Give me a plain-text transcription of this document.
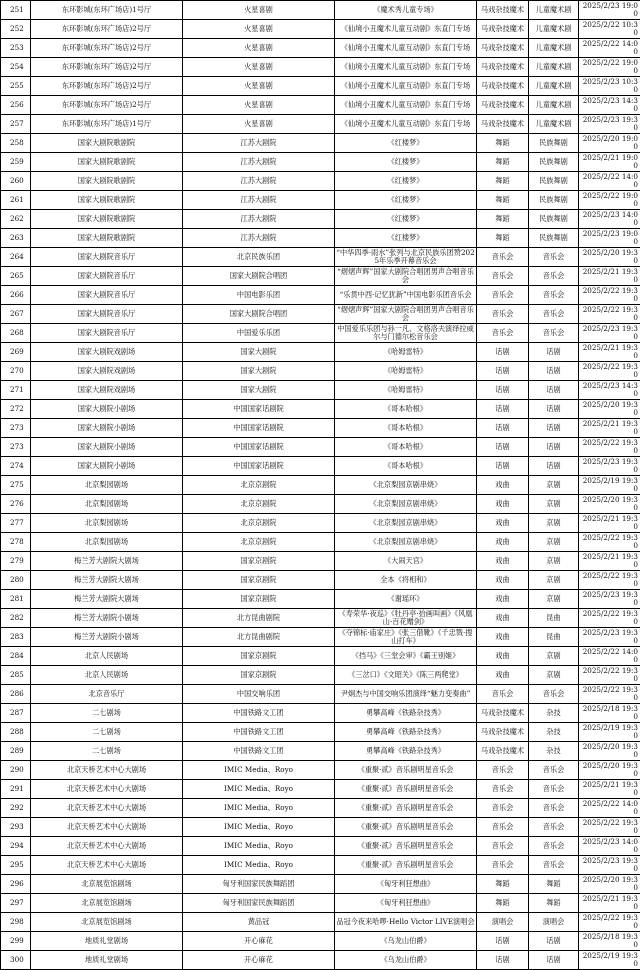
251	东环影城(东环广场店)1号厅	火星喜剧	《魔术秀儿童专场》	马戏杂技魔术	儿童魔术剧	2025/2/23 19:00
252	东环影城(东环广场店)2号厅	火星喜剧	《仙境小丑魔术儿童互动剧》东直门专场	马戏杂技魔术	儿童魔术剧	2025/2/22 10:30
253	东环影城(东环广场店)2号厅	火星喜剧	《仙境小丑魔术儿童互动剧》东直门专场	马戏杂技魔术	儿童魔术剧	2025/2/22 14:00
254	东环影城(东环广场店)2号厅	火星喜剧	《仙境小丑魔术儿童互动剧》东直门专场	马戏杂技魔术	儿童魔术剧	2025/2/22 19:00
255	东环影城(东环广场店)2号厅	火星喜剧	《仙境小丑魔术儿童互动剧》东直门专场	马戏杂技魔术	儿童魔术剧	2025/2/23 10:30
256	东环影城(东环广场店)2号厅	火星喜剧	《仙境小丑魔术儿童互动剧》东直门专场	马戏杂技魔术	儿童魔术剧	2025/2/23 14:30
257	东环影城(东环广场店)1号厅	火星喜剧	《仙境小丑魔术儿童互动剧》东直门专场	马戏杂技魔术	儿童魔术剧	2025/2/23 19:30
258	国家大剧院歌剧院	江苏大剧院	《红楼梦》	舞蹈	民族舞剧	2025/2/20 19:00
259	国家大剧院歌剧院	江苏大剧院	《红楼梦》	舞蹈	民族舞剧	2025/2/21 19:00
260	国家大剧院歌剧院	江苏大剧院	《红楼梦》	舞蹈	民族舞剧	2025/2/22 14:00
261	国家大剧院歌剧院	江苏大剧院	《红楼梦》	舞蹈	民族舞剧	2025/2/22 19:00
262	国家大剧院歌剧院	江苏大剧院	《红楼梦》	舞蹈	民族舞剧	2025/2/23 14:00
263	国家大剧院歌剧院	江苏大剧院	《红楼梦》	舞蹈	民族舞剧	2025/2/23 19:00
264	国家大剧院音乐厅	北京民族乐团	“中华四季·雨水”张列与北京民族乐团赞2025年乐季开幕音乐会	音乐会	音乐会	2025/2/20 19:30
265	国家大剧院音乐厅	国家大剧院合唱团	“熠熠声辉”国家大剧院合唱团男声合唱音乐会	音乐会	音乐会	2025/2/21 19:30
266	国家大剧院音乐厅	中国电影乐团	“乐贯中西·记忆犹新”中国电影乐团音乐会	音乐会	音乐会	2025/2/22 19:30
267	国家大剧院音乐厅	国家大剧院合唱团	“熠熠声辉”国家大剧院合唱团男声合唱音乐会	音乐会	音乐会	2025/2/22 19:30
268	国家大剧院音乐厅	中国爱乐乐团	中国爱乐乐团与孙一凡、文格洛夫演绎拉威尔与门德尔松音乐会	音乐会	音乐会	2025/2/23 19:30
269	国家大剧院戏剧场	国家大剧院	《哈姆雷特》	话剧	话剧	2025/2/21 19:30
270	国家大剧院戏剧场	国家大剧院	《哈姆雷特》	话剧	话剧	2025/2/22 19:30
271	国家大剧院戏剧场	国家大剧院	《哈姆雷特》	话剧	话剧	2025/2/23 14:30
272	国家大剧院小剧场	中国国家话剧院	《哥本哈根》	话剧	话剧	2025/2/20 19:30
273	国家大剧院小剧场	中国国家话剧院	《哥本哈根》	话剧	话剧	2025/2/21 19:30
273	国家大剧院小剧场	中国国家话剧院	《哥本哈根》	话剧	话剧	2025/2/22 19:30
274	国家大剧院小剧场	中国国家话剧院	《哥本哈根》	话剧	话剧	2025/2/23 19:30
275	北京梨园剧场	北京京剧院	《北京梨园京剧串烧》	戏曲	京剧	2025/2/19 19:30
276	北京梨园剧场	北京京剧院	《北京梨园京剧串烧》	戏曲	京剧	2025/2/20 19:30
277	北京梨园剧场	北京京剧院	《北京梨园京剧串烧》	戏曲	京剧	2025/2/21 19:30
278	北京梨园剧场	北京京剧院	《北京梨园京剧串烧》	戏曲	京剧	2025/2/22 19:30
279	梅兰芳大剧院大剧场	国家京剧院	《大闹天宫》	戏曲	京剧	2025/2/21 19:30
280	梅兰芳大剧院大剧场	国家京剧院	全本《将相和》	戏曲	京剧	2025/2/22 19:30
281	梅兰芳大剧院大剧场	国家京剧院	《谢瑶环》	戏曲	京剧	2025/2/23 19:30
282	梅兰芳大剧院小剧场	北方昆曲剧院	《寿荣华·夜巡》《牡丹亭·拾画叫画》《风凰山·百花赠剑》	戏曲	昆曲	2025/2/22 19:30
283	梅兰芳大剧院小剧场	北方昆曲剧院	《夺锦标·庙家庄》《张三借靴》《千忠戮·搜山打车》	戏曲	昆曲	2025/2/23 19:30
284	北京人民剧场	国家京剧院	《挡马》《三堂会审》《霸王别姬》	戏曲	京剧	2025/2/22 14:00
285	北京人民剧场	国家京剧院	《三岔口》《文昭关》《陈三两爬堂》	戏曲	京剧	2025/2/22 19:30
286	北京音乐厅	中国交响乐团	尹炯杰与中国交响乐团演绎“魅力变奏曲”	音乐会	音乐会	2025/2/22 19:30
287	二七剧场	中国铁路文工团	勇攀高峰《铁路杂技秀》	马戏杂技魔术	杂技	2025/2/18 19:30
288	二七剧场	中国铁路文工团	勇攀高峰《铁路杂技秀》	马戏杂技魔术	杂技	2025/2/19 19:30
289	二七剧场	中国铁路文工团	勇攀高峰《铁路杂技秀》	马戏杂技魔术	杂技	2025/2/20 19:30
290	北京天桥艺术中心大剧场	IMIC Media、Royo	《重聚·贰》音乐剧明星音乐会	音乐会	音乐会	2025/2/20 19:30
291	北京天桥艺术中心大剧场	IMIC Media、Royo	《重聚·贰》音乐剧明星音乐会	音乐会	音乐会	2025/2/21 19:30
292	北京天桥艺术中心大剧场	IMIC Media、Royo	《重聚·贰》音乐剧明星音乐会	音乐会	音乐会	2025/2/22 14:00
293	北京天桥艺术中心大剧场	IMIC Media、Royo	《重聚·贰》音乐剧明星音乐会	音乐会	音乐会	2025/2/22 19:30
294	北京天桥艺术中心大剧场	IMIC Media、Royo	《重聚·贰》音乐剧明星音乐会	音乐会	音乐会	2025/2/23 14:00
295	北京天桥艺术中心大剧场	IMIC Media、Royo	《重聚·贰》音乐剧明星音乐会	音乐会	音乐会	2025/2/23 19:30
296	北京展览馆剧场	匈牙利国家民族舞蹈团	《匈牙利狂想曲》	舞蹈	舞蹈	2025/2/20 19:30
297	北京展览馆剧场	匈牙利国家民族舞蹈团	《匈牙利狂想曲》	舞蹈	舞蹈	2025/2/21 19:30
298	北京展览馆剧场	黄品冠	品冠今夜来哈啰·Hello Victor LIVE演唱会	演唱会	演唱会	2025/2/22 19:30
299	地质礼堂剧场	开心麻花	《乌龙山伯爵》	话剧	话剧	2025/2/18 19:30
300	地质礼堂剧场	开心麻花	《乌龙山伯爵》	话剧	话剧	2025/2/19 19:30
